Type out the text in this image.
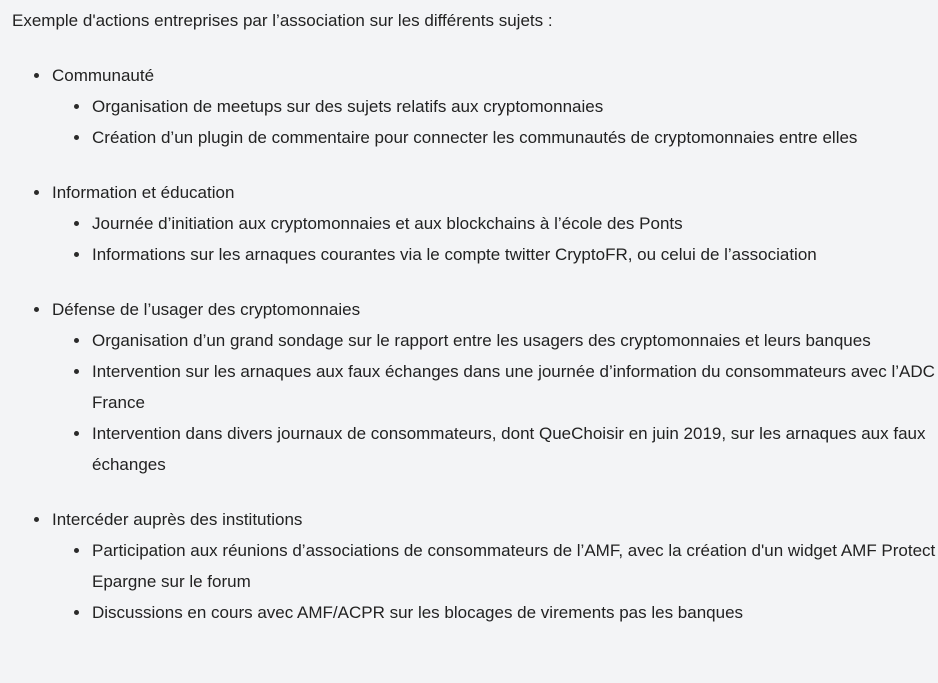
Exemple d'actions entreprises par l’association sur les différents sujets :

Communauté
Organisation de meetups sur des sujets relatifs aux cryptomonnaies
Création d’un plugin de commentaire pour connecter les communautés de cryptomonnaies entre elles
Information et éducation
Journée d’initiation aux cryptomonnaies et aux blockchains à l’école des Ponts
Informations sur les arnaques courantes via le compte twitter CryptoFR, ou celui de l’association
Défense de l’usager des cryptomonnaies
Organisation d’un grand sondage sur le rapport entre les usagers des cryptomonnaies et leurs banques
Intervention sur les arnaques aux faux échanges dans une journée d’information du consommateurs avec l’ADC France
Intervention dans divers journaux de consommateurs, dont QueChoisir en juin 2019, sur les arnaques aux faux échanges
Intercéder auprès des institutions
Participation aux réunions d’associations de consommateurs de l’AMF, avec la création d'un widget AMF Protect Epargne sur le forum
Discussions en cours avec AMF/ACPR sur les blocages de virements pas les banques
